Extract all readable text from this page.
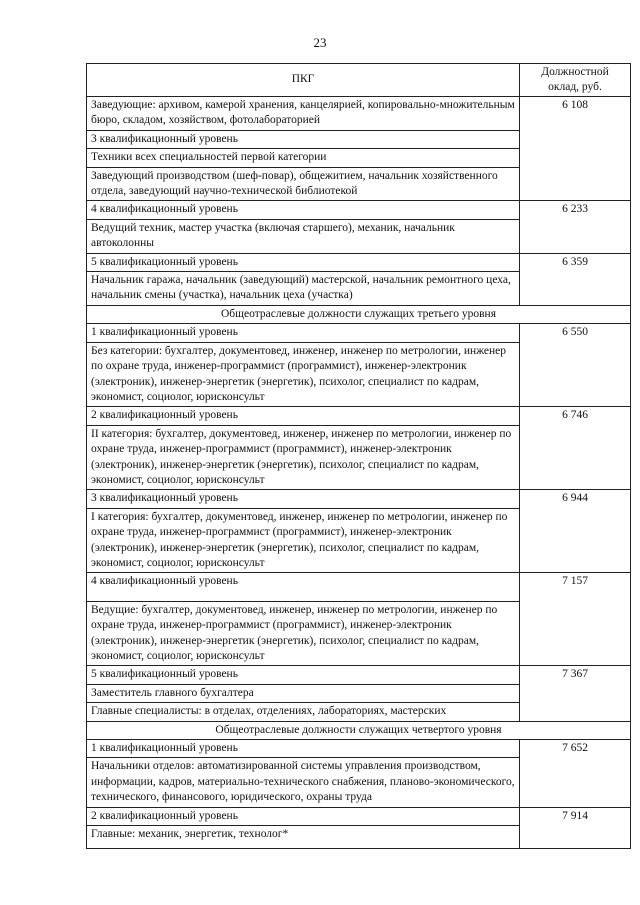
23
ПКГ	Должностной
оклад, руб.
Заведующие: архивом, камерой хранения, канцелярией, копировально-множительным бюро, складом, хозяйством, фотолабораторией	6 108

3 квалификационный уровень	
Техники всех специальностей первой категории	
Заведующий производством (шеф-повар), общежитием, начальник хозяйственного отдела, заведующий научно-технической библиотекой	
4 квалификационный уровень	6 233

Ведущий техник, мастер участка (включая старшего), механик, начальник автоколонны	
5 квалификационный уровень	6 359

Начальник гаража, начальник (заведующий) мастерской, начальник ремонтного цеха, начальник смены (участка), начальник цеха (участка)	
Общеотраслевые должности служащих третьего уровня	
1 квалификационный уровень	6 550

Без категории: бухгалтер, документовед, инженер, инженер по метрологии, инженер по охране труда, инженер-программист (программист), инженер-электроник (электроник), инженер-энергетик (энергетик), психолог, специалист по кадрам, экономист, социолог, юрисконсульт	
2 квалификационный уровень	6 746

II категория: бухгалтер, документовед, инженер, инженер по метрологии, инженер по охране труда, инженер-программист (программист), инженер-электроник (электроник), инженер-энергетик (энергетик), психолог, специалист по кадрам, экономист, социолог, юрисконсульт	
3 квалификационный уровень	6 944

I категория: бухгалтер, документовед, инженер, инженер по метрологии, инженер по охране труда, инженер-программист (программист), инженер-электроник (электроник), инженер-энергетик (энергетик), психолог, специалист по кадрам, экономист, социолог, юрисконсульт	
4 квалификационный уровень	7 157

Ведущие: бухгалтер, документовед, инженер, инженер по метрологии, инженер по охране труда, инженер-программист (программист), инженер-электроник (электроник), инженер-энергетик (энергетик), психолог, специалист по кадрам, экономист, социолог, юрисконсульт	
5 квалификационный уровень	7 367

Заместитель главного бухгалтера	
Главные специалисты: в отделах, отделениях, лабораториях, мастерских	
Общеотраслевые должности служащих четвертого уровня	
1 квалификационный уровень	7 652

Начальники отделов: автоматизированной системы управления производством, информации, кадров, материально-технического снабжения, планово-экономического, технического, финансового, юридического, охраны труда	
2 квалификационный уровень	7 914

Главные: механик, энергетик, технолог*	
